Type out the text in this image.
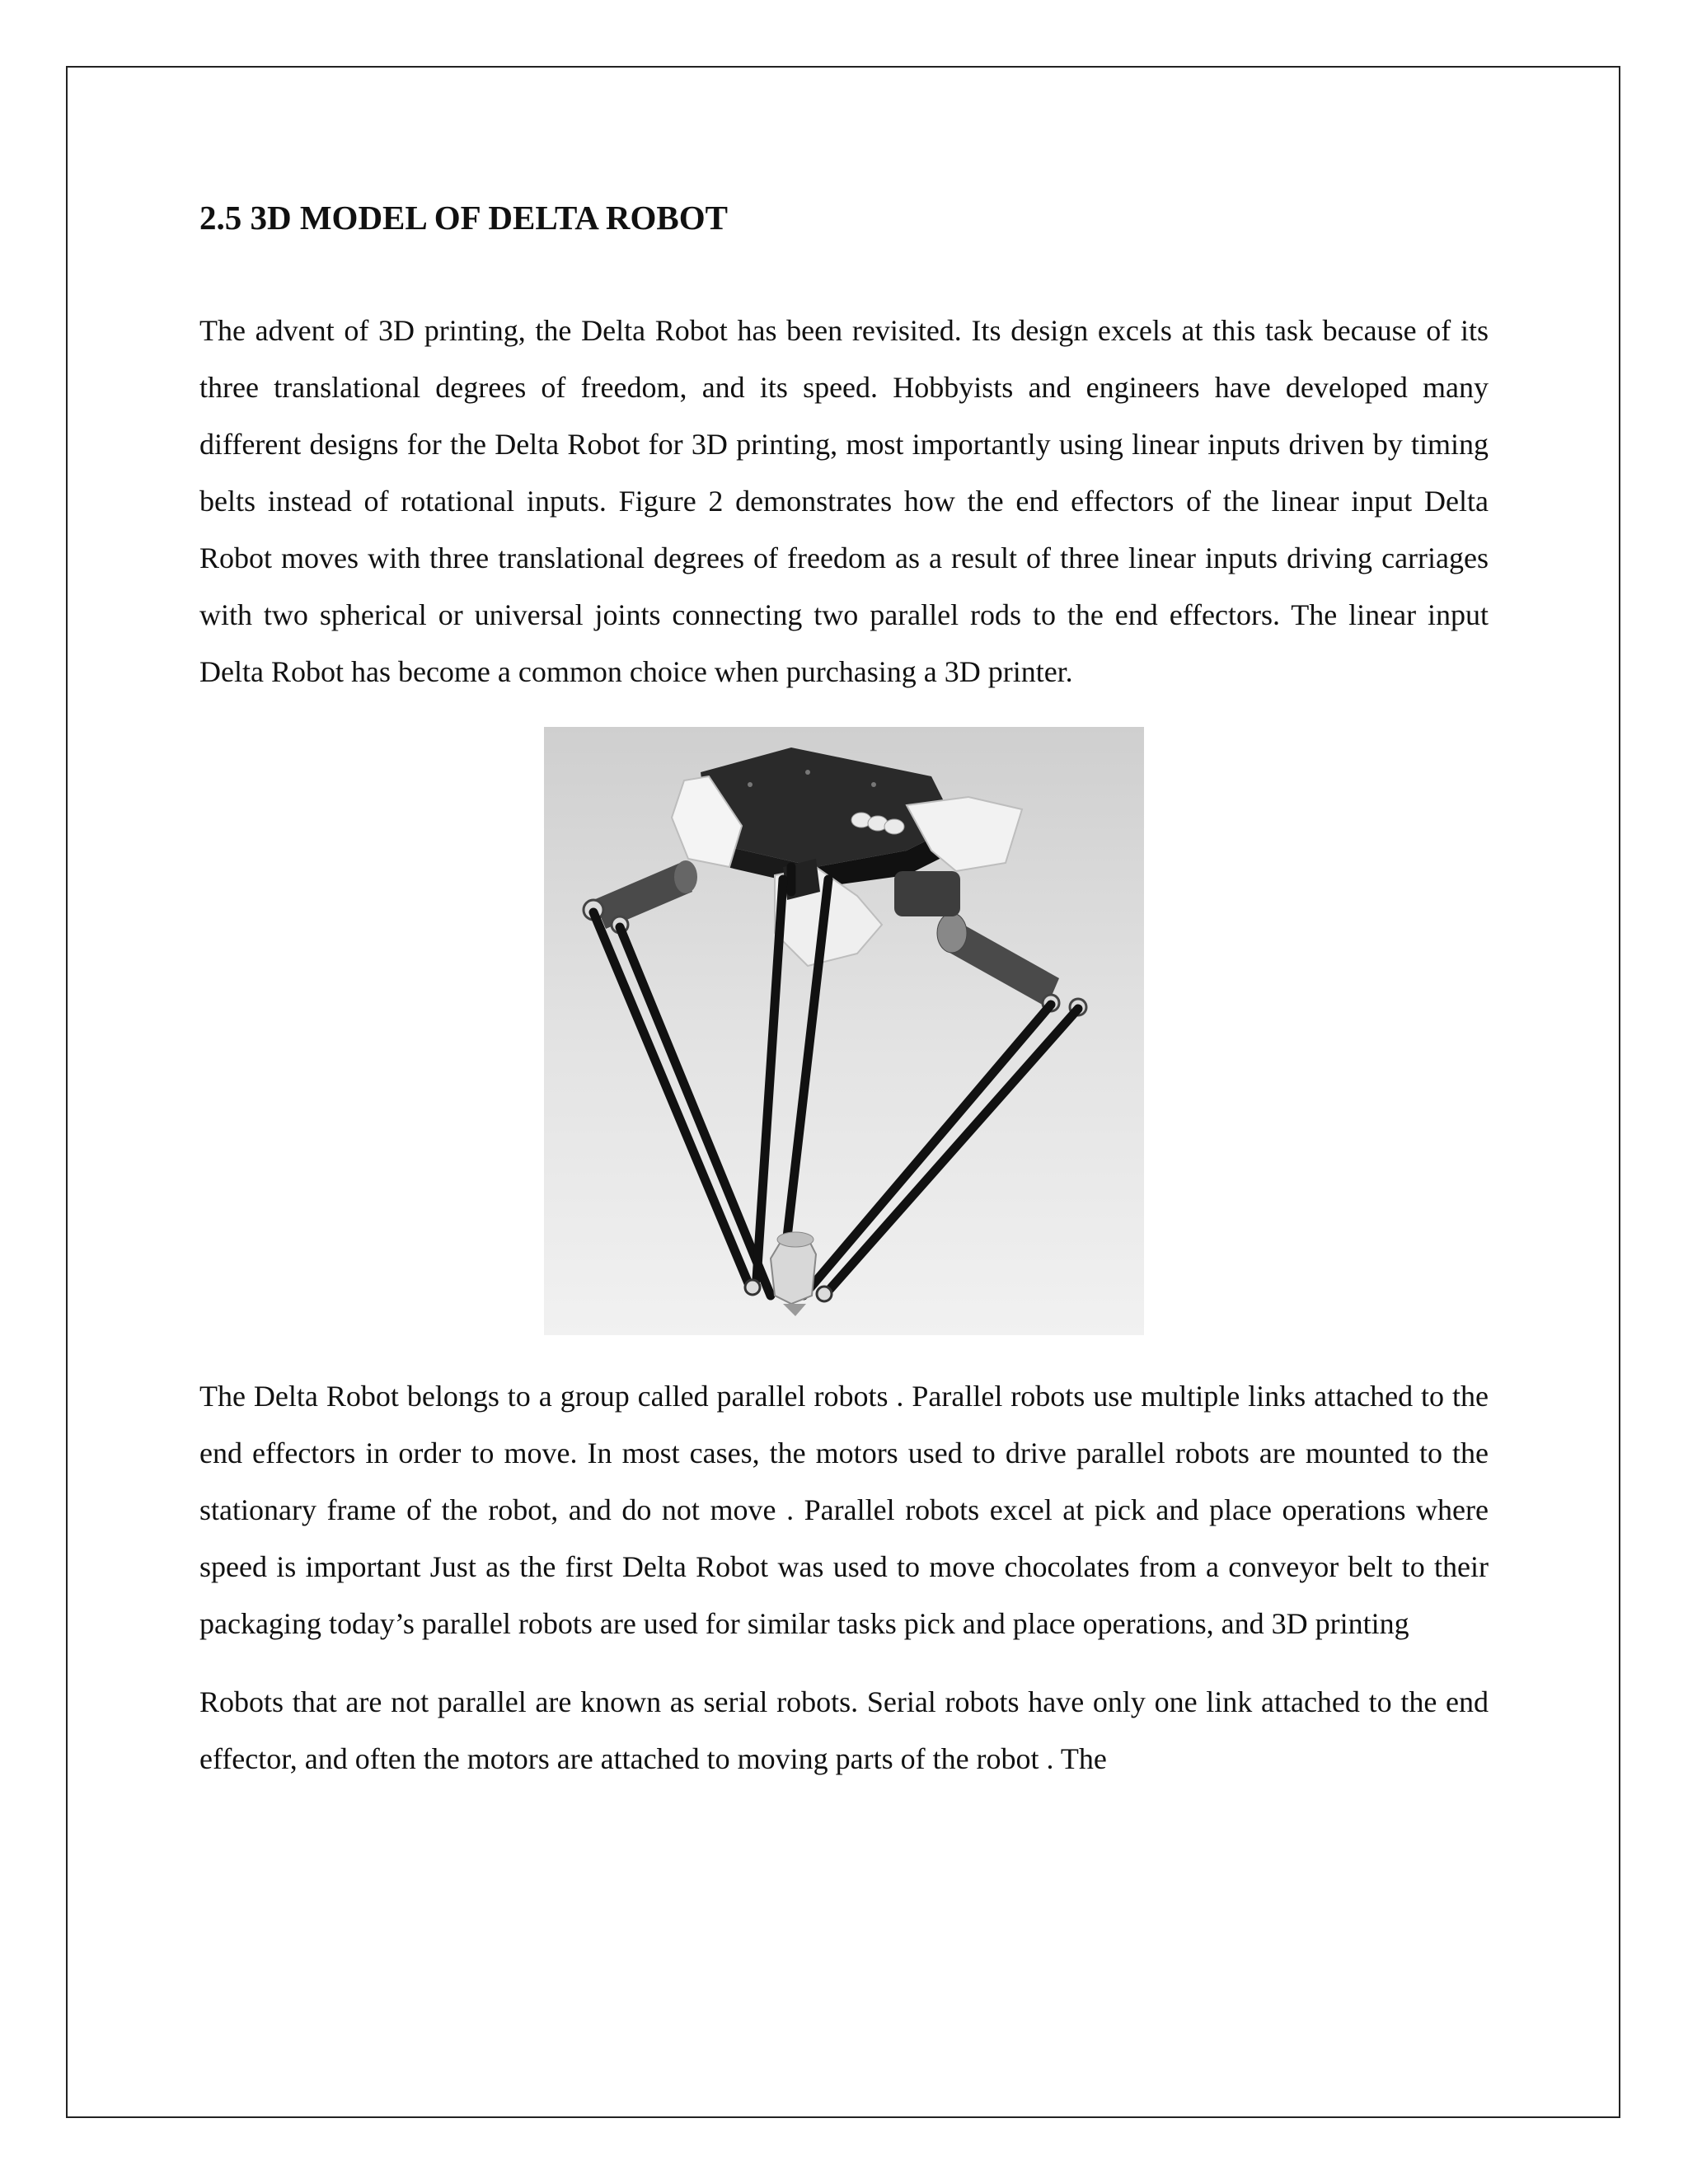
2.5 3D MODEL OF DELTA ROBOT

The advent of 3D printing, the Delta Robot has been revisited. Its design excels at this task because of its three translational degrees of freedom, and its speed. Hobbyists and engineers have developed many different designs for the Delta Robot for 3D printing, most importantly using linear inputs driven by timing belts instead of rotational inputs. Figure 2 demonstrates how the end effectors of the linear input Delta Robot moves with three translational degrees of freedom as a result of three linear inputs driving carriages with two spherical or universal joints connecting two parallel rods to the end effectors. The linear input Delta Robot has become a common choice when purchasing a 3D printer.

The Delta Robot belongs to a group called parallel robots . Parallel robots use multiple links attached to the end effectors in order to move. In most cases, the motors used to drive parallel robots are mounted to the stationary frame of the robot, and do not move . Parallel robots excel at pick and place operations where speed is important Just as the first Delta Robot was used to move chocolates from a conveyor belt to their packaging today’s parallel robots are used for similar tasks pick and place operations, and 3D printing

Robots that are not parallel are known as serial robots. Serial robots have only one link attached to the end effector, and often the motors are attached to moving parts of the robot . The
